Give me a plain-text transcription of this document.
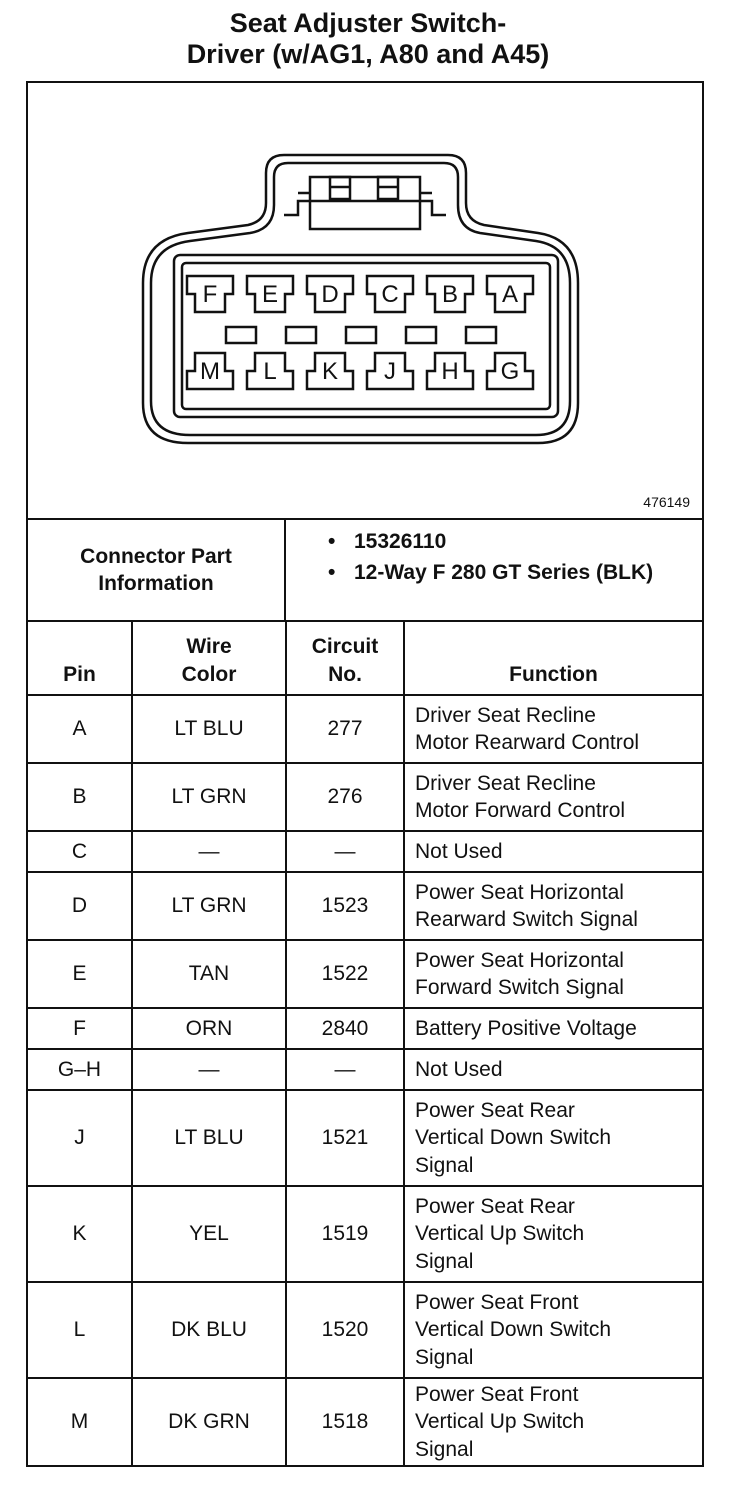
Seat Adjuster Switch-
Driver (w/AG1, A80 and A45)
F E D C B A
M L K J H G
476149
Connector Part Information
• 15326110
• 12-Way F 280 GT Series (BLK)
Pin	Wire Color	Circuit No.	Function
A	LT BLU	277	Driver Seat Recline
Motor Rearward Control

B	LT GRN	276	Driver Seat Recline
Motor Forward Control

C	—	—	Not Used

D	LT GRN	1523	Power Seat Horizontal
Rearward Switch Signal

E	TAN	1522	Power Seat Horizontal
Forward Switch Signal

F	ORN	2840	Battery Positive Voltage

G–H	—	—	Not Used

J	LT BLU	1521	Power Seat Rear
Vertical Down Switch
Signal

K	YEL	1519	Power Seat Rear
Vertical Up Switch
Signal

L	DK BLU	1520	Power Seat Front
Vertical Down Switch
Signal

M	DK GRN	1518	Power Seat Front
Vertical Up Switch
Signal
